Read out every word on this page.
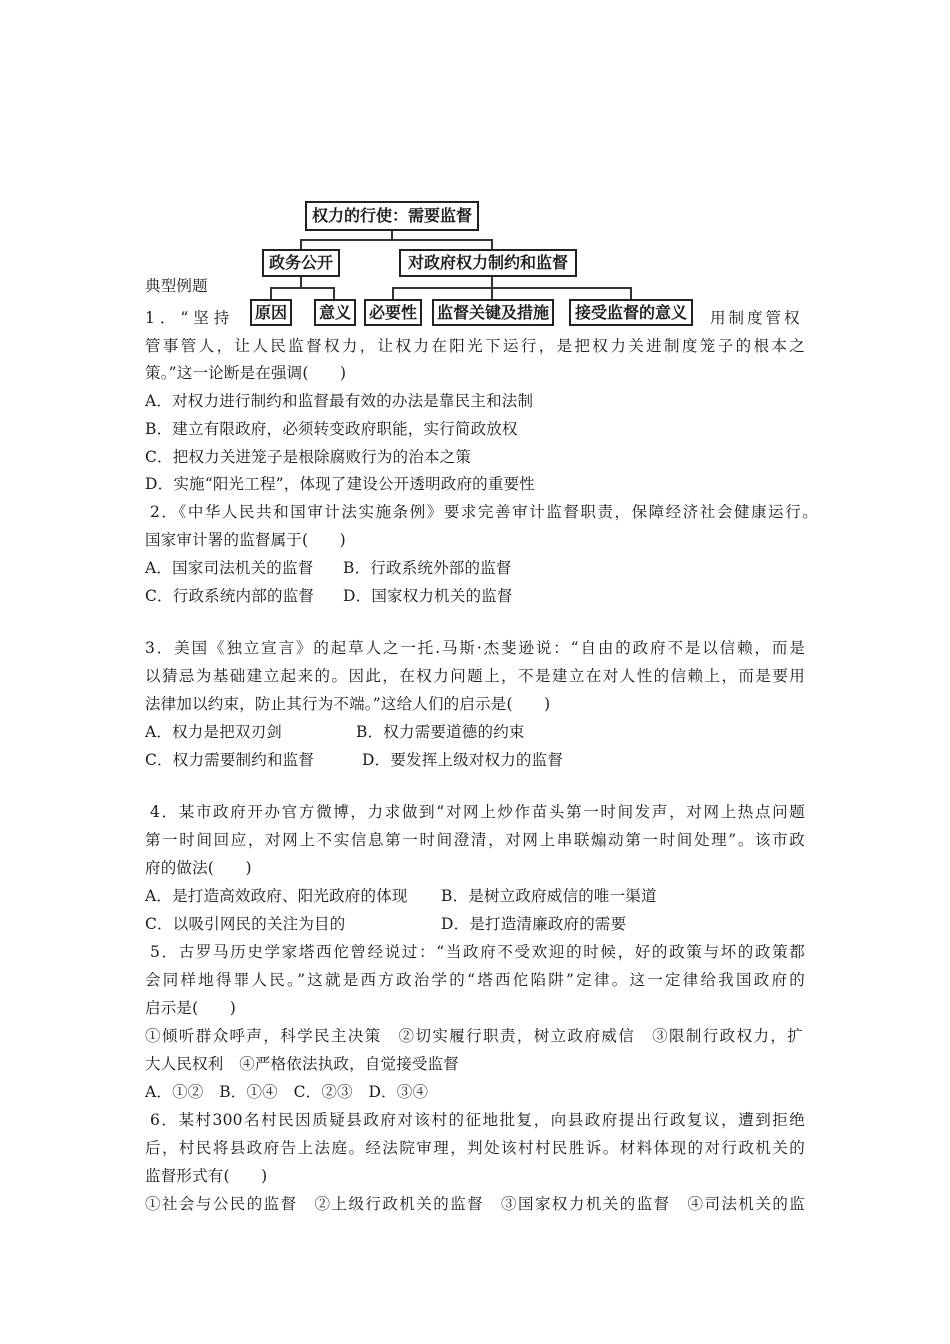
权力的行使：需要监督
政务公开	对政府权力制约和监督
原因	意义	必要性	监督关键及措施	接受监督的意义
典型例题
1．“坚持	用制度管权
管事管人，让人民监督权力，让权力在阳光下运行，是把权力关进制度笼子的根本之
策。”这一论断是在强调(　　)
A．对权力进行制约和监督最有效的办法是靠民主和法制
B．建立有限政府，必须转变政府职能，实行简政放权
C．把权力关进笼子是根除腐败行为的治本之策
D．实施“阳光工程”，体现了建设公开透明政府的重要性
2．《中华人民共和国审计法实施条例》要求完善审计监督职责，保障经济社会健康运行。
国家审计署的监督属于(　　)
A．国家司法机关的监督 B．行政系统外部的监督
C．行政系统内部的监督 D．国家权力机关的监督
3．美国《独立宣言》的起草人之一托.马斯·杰斐逊说：“自由的政府不是以信赖，而是
以猜忌为基础建立起来的。因此，在权力问题上，不是建立在对人性的信赖上，而是要用
法律加以约束，防止其行为不端。”这给人们的启示是(　　)
A．权力是把双刃剑	B．权力需要道德的约束
C．权力需要制约和监督	D．要发挥上级对权力的监督
4．某市政府开办官方微博，力求做到“对网上炒作苗头第一时间发声，对网上热点问题
第一时间回应，对网上不实信息第一时间澄清，对网上串联煽动第一时间处理”。该市政
府的做法(　　)
A．是打造高效政府、阳光政府的体现 B．是树立政府威信的唯一渠道
C．以吸引网民的关注为目的	D．是打造清廉政府的需要
5．古罗马历史学家塔西佗曾经说过：“当政府不受欢迎的时候，好的政策与坏的政策都
会同样地得罪人民。”这就是西方政治学的“塔西佗陷阱”定律。这一定律给我国政府的
启示是(　　)
①倾听群众呼声，科学民主决策　②切实履行职责，树立政府威信　③限制行政权力，扩
大人民权利　④严格依法执政，自觉接受监督
A．①②　B．①④　C．②③　D．③④
6．某村300名村民因质疑县政府对该村的征地批复，向县政府提出行政复议，遭到拒绝
后，村民将县政府告上法庭。经法院审理，判处该村村民胜诉。材料体现的对行政机关的
监督形式有(　　)
①社会与公民的监督　②上级行政机关的监督　③国家权力机关的监督　④司法机关的监
